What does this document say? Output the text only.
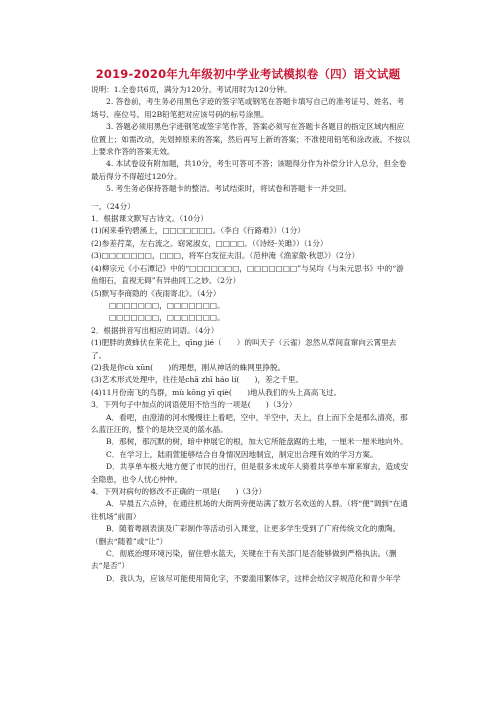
2019-2020年九年级初中学业考试模拟卷（四）语文试题

说明：1.全卷共6页，满分为120分。考试用时为120分钟。

2. 答卷前，考生务必用黑色字迹的签字笔或钢笔在答题卡填写自己的准考证号、姓名、考场号、座位号。用2B铅笔把对应该号码的标号涂黑。

3. 答题必须用黑色字迹钢笔或签字笔作答，答案必须写在答题卡各题目的指定区域内相应位置上；如需改动，先划掉原来的答案，然后再写上新的答案；不准使用铅笔和涂改液。不按以上要求作答的答案无效。

4. 本试卷设有附加题，共10分，考生可答可不答；该题得分作为补偿分计入总分，但全卷最后得分不得超过120分。

5. 考生务必保持答题卡的整洁。考试结束时，将试卷和答题卡一并交回。

一、（24分）

1．根据课文默写古诗文。（10分）

(1)闲来垂钓碧溪上，□□□□□□□。（李白《行路难》）（1分）

(2)参差荇菜，左右流之。窈窕淑女，□□□□。（《诗经·关雎》）（1分）

(3)□□□□□□□，□□□，将军白发征夫泪。（范仲淹《渔家傲·秋思》）（2分）

(4)柳宗元《小石潭记》中的“□□□□□□□，□□□□□□□”与吴均《与朱元思书》中的“游鱼细石，直视无碍”有异曲同工之妙。（2分）

(5)默写李商隐的《夜雨寄北》。（4分）

□□□□□□□，□□□□□□□。

□□□□□□□，□□□□□□□。

2．根据拼音写出相应的词语。（4分）

(1)肥胖的黄蜂伏在茉花上，qīng jié（　　）的叫天子（云雀）忽然从草间直窜向云霄里去了。

(2)我是你cù xūn(　　)的理想，刚从神话的蛛网里挣脱。

(3)艺术形式处理中，往往是chā zhī háo lí(　　)，差之千里。

(4)11月份南飞的鸟群，mù kōng yī qiè(　　)地从我们的头上高高飞过。

3．下列句子中加点的词语使用不恰当的一项是(　　)（3分）

A．看吧，由澄清的河水慢慢往上看吧，空中，半空中，天上，自上而下全是那么清亮，那么蓝汪汪的，整个的是块空灵的蓝水晶。

B．那树，那沉默的树，暗中伸展它的根，加大它所能盘踞的土地，一厘米一厘米地向外。

C．在学习上，陆雨萱能够结合自身情况因地制宜，制定出合理有效的学习方案。

D．共享单车极大地方便了市民的出行，但是很多未成年人骑着共享单车窜来窜去，造成安全隐患，也令人忧心忡忡。

4．下列对病句的修改不正确的一项是(　　)（3分）

A．早晨五六点钟，在通往机场的大街两旁便站满了数万名欢送的人群。（将“便”调到“在通往机场”前面）

B．随着粤剧表演及广彩制作等活动引入课堂，让更多学生受到了广府传统文化的熏陶。（删去“随着”或“让”）

C．彻底治理环境污染，留住碧水蓝天，关键在于有关部门是否能够做到严格执法。（删去“是否”）

D．我认为，应该尽可能使用简化字，不要滥用繁体字，这样会给汉字规范化和青少年学
